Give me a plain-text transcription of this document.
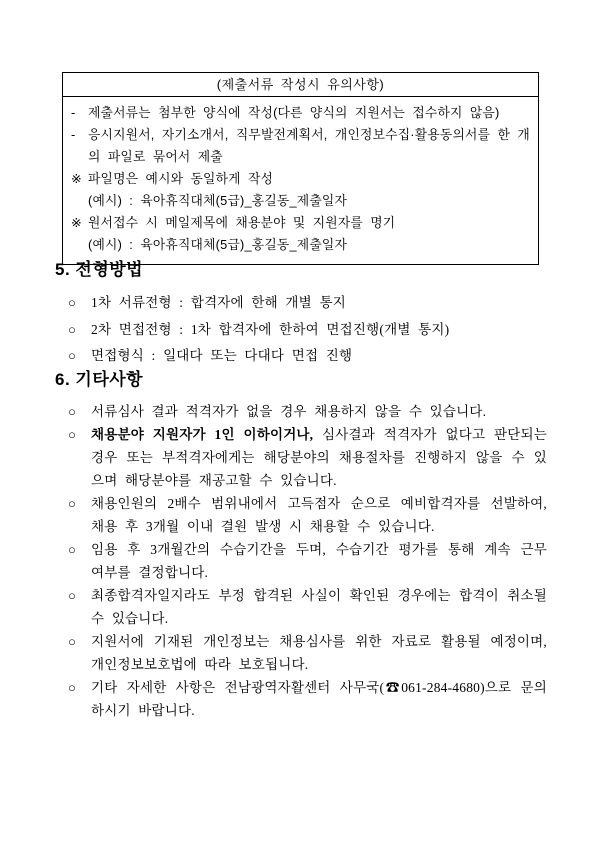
(제출서류 작성시 유의사항)
- 제출서류는 첨부한 양식에 작성(다른 양식의 지원서는 접수하지 않음)
- 응시지원서, 자기소개서, 직무발전계획서, 개인정보수집·활용동의서를 한 개의 파일로 묶어서 제출
※ 파일명은 예시와 동일하게 작성
(예시) : 육아휴직대체(5급)_홍길동_제출일자
※ 원서접수 시 메일제목에 채용분야 및 지원자를 명기
(예시) : 육아휴직대체(5급)_홍길동_제출일자
5. 전형방법
○	1차 서류전형 : 합격자에 한해 개별 통지
○	2차 면접전형 : 1차 합격자에 한하여 면접진행(개별 통지)
○	면접형식 : 일대다 또는 다대다 면접 진행
6. 기타사항
○	서류심사 결과 적격자가 없을 경우 채용하지 않을 수 있습니다.
○	채용분야 지원자가 1인 이하이거나, 심사결과 적격자가 없다고 판단되는 경우 또는 부적격자에게는 해당분야의 채용절차를 진행하지 않을 수 있으며 해당분야를 재공고할 수 있습니다.
○	채용인원의 2배수 범위내에서 고득점자 순으로 예비합격자를 선발하여, 채용 후 3개월 이내 결원 발생 시 채용할 수 있습니다.
○	임용 후 3개월간의 수습기간을 두며, 수습기간 평가를 통해 계속 근무 여부를 결정합니다.
○	최종합격자일지라도 부정 합격된 사실이 확인된 경우에는 합격이 취소될 수 있습니다.
○	지원서에 기재된 개인정보는 채용심사를 위한 자료로 활용될 예정이며, 개인정보보호법에 따라 보호됩니다.
○	기타 자세한 사항은 전남광역자활센터 사무국(☎061-284-4680)으로 문의하시기 바랍니다.
